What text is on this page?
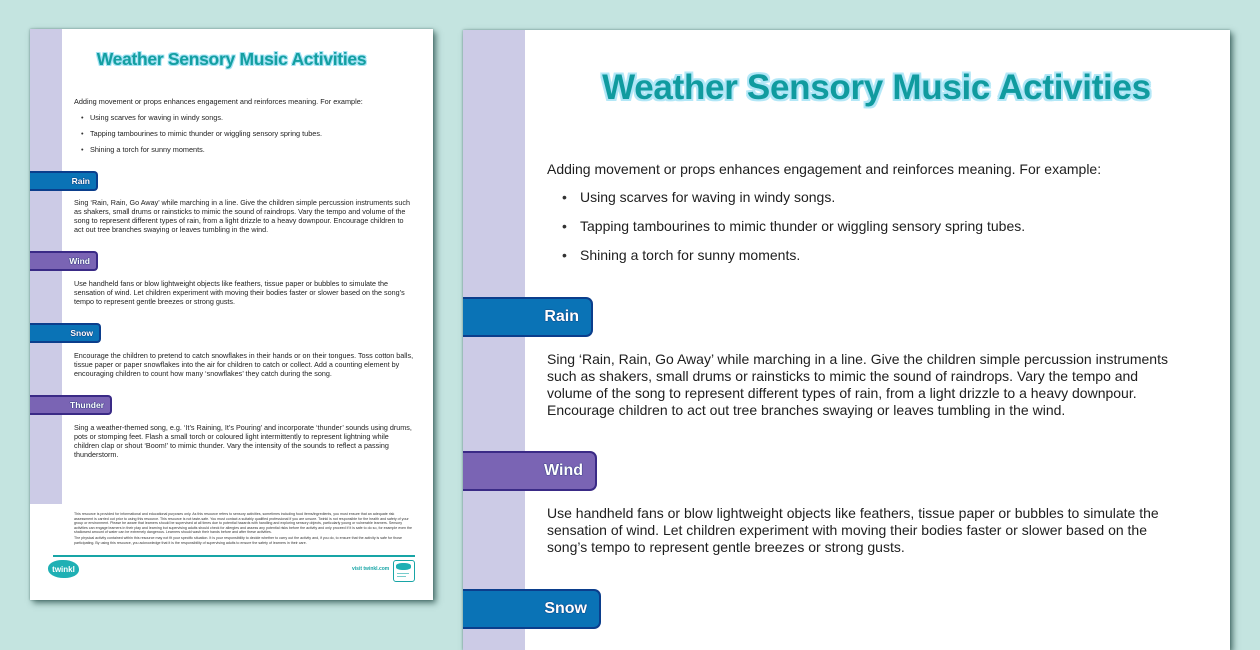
Weather Sensory Music Activities
Adding movement or props enhances engagement and reinforces meaning. For example:
• Using scarves for waving in windy songs.
• Tapping tambourines to mimic thunder or wiggling sensory spring tubes.
• Shining a torch for sunny moments.
Rain
Sing ‘Rain, Rain, Go Away’ while marching in a line. Give the children simple percussion instruments such as shakers, small drums or rainsticks to mimic the sound of raindrops. Vary the tempo and volume of the song to represent different types of rain, from a light drizzle to a heavy downpour. Encourage children to act out tree branches swaying or leaves tumbling in the wind.
Wind
Use handheld fans or blow lightweight objects like feathers, tissue paper or bubbles to simulate the sensation of wind. Let children experiment with moving their bodies faster or slower based on the song’s tempo to represent gentle breezes or strong gusts.
Snow
Encourage the children to pretend to catch snowflakes in their hands or on their tongues. Toss cotton balls, tissue paper or paper snowflakes into the air for children to catch or collect. Add a counting element by encouraging children to count how many ‘snowflakes’ they catch during the song.
Thunder
Sing a weather-themed song, e.g. ‘It’s Raining, It’s Pouring’ and incorporate ‘thunder’ sounds using drums, pots or stomping feet. Flash a small torch or coloured light intermittently to represent lightning while children clap or shout ‘Boom!’ to mimic thunder. Vary the intensity of the sounds to reflect a passing thunderstorm.
This resource is provided for informational and educational purposes only. As this resource refers to sensory activities, sometimes including food items/ingredients, you must ensure that an adequate risk assessment is carried out prior to using this resource. This resource is not taste-safe. You must contact a suitably qualified professional if you are unsure. Twinkl is not responsible for the health and safety of your group or environment. Please be aware that learners should be supervised at all times due to potential hazards with handling and exploring sensory objects, particularly young or vulnerable learners. Sensory activities can engage learners in their play and learning but supervising adults should check for allergies and assess any potential risks before the activity and only proceed if it is safe to do so, for example even the shallowest amount of water can be extremely dangerous. Learners should wash their hands before and after these activities.
The physical activity contained within this resource may not fit your specific situation. It is your responsibility to decide whether to carry out the activity and, if you do, to ensure that the activity is safe for those participating. By using this resource, you acknowledge that it is the responsibility of supervising adults to ensure the safety of learners in their care.
twinkl	visit twinkl.com
Weather Sensory Music Activities
Adding movement or props enhances engagement and reinforces meaning. For example:
• Using scarves for waving in windy songs.
• Tapping tambourines to mimic thunder or wiggling sensory spring tubes.
• Shining a torch for sunny moments.
Rain
Sing ‘Rain, Rain, Go Away’ while marching in a line. Give the children simple percussion instruments such as shakers, small drums or rainsticks to mimic the sound of raindrops. Vary the tempo and volume of the song to represent different types of rain, from a light drizzle to a heavy downpour. Encourage children to act out tree branches swaying or leaves tumbling in the wind.
Wind
Use handheld fans or blow lightweight objects like feathers, tissue paper or bubbles to simulate the sensation of wind. Let children experiment with moving their bodies faster or slower based on the song’s tempo to represent gentle breezes or strong gusts.
Snow
